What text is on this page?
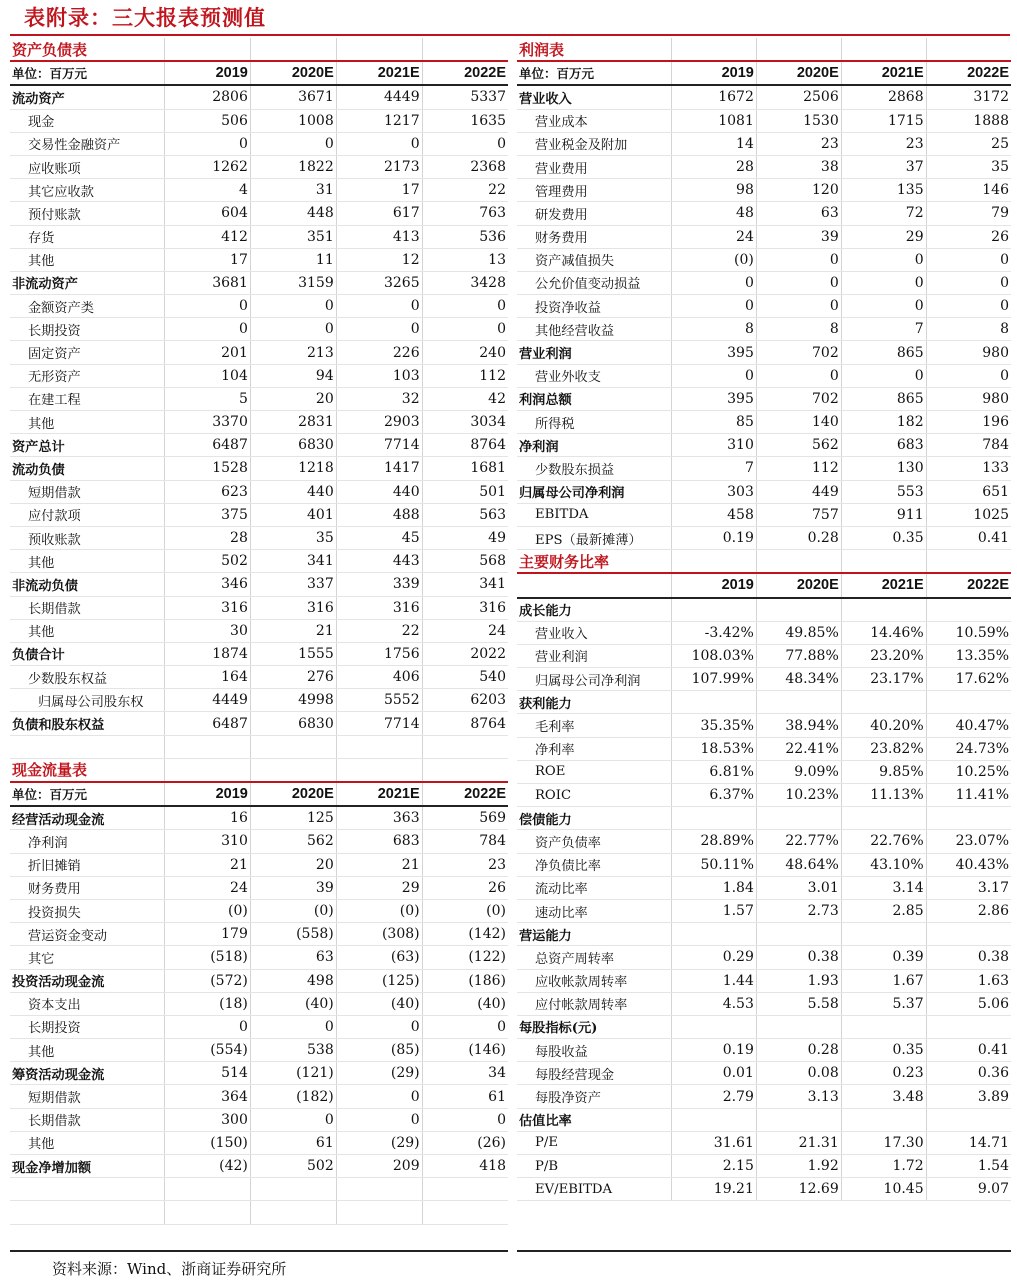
表附录：三大报表预测值
资产负债表				
单位：百万元	2019	2020E	2021E	2022E
流动资产	2806	3671	4449	5337
现金	506	1008	1217	1635
交易性金融资产	0	0	0	0
应收账项	1262	1822	2173	2368
其它应收款	4	31	17	22
预付账款	604	448	617	763
存货	412	351	413	536
其他	17	11	12	13
非流动资产	3681	3159	3265	3428
金额资产类	0	0	0	0
长期投资	0	0	0	0
固定资产	201	213	226	240
无形资产	104	94	103	112
在建工程	5	20	32	42
其他	3370	2831	2903	3034
资产总计	6487	6830	7714	8764
流动负债	1528	1218	1417	1681
短期借款	623	440	440	501
应付款项	375	401	488	563
预收账款	28	35	45	49
其他	502	341	443	568
非流动负债	346	337	339	341
长期借款	316	316	316	316
其他	30	21	22	24
负债合计	1874	1555	1756	2022
少数股东权益	164	276	406	540
归属母公司股东权	4449	4998	5552	6203
负债和股东权益	6487	6830	7714	8764

现金流量表				
单位：百万元	2019	2020E	2021E	2022E
经营活动现金流	16	125	363	569
净利润	310	562	683	784
折旧摊销	21	20	21	23
财务费用	24	39	29	26
投资损失	(0)	(0)	(0)	(0)
营运资金变动	179	(558)	(308)	(142)
其它	(518)	63	(63)	(122)
投资活动现金流	(572)	498	(125)	(186)
资本支出	(18)	(40)	(40)	(40)
长期投资	0	0	0	0
其他	(554)	538	(85)	(146)
筹资活动现金流	514	(121)	(29)	34
短期借款	364	(182)	0	61
长期借款	300	0	0	0
其他	(150)	61	(29)	(26)
现金净增加额	(42)	502	209	418

利润表				
单位：百万元	2019	2020E	2021E	2022E
营业收入	1672	2506	2868	3172
营业成本	1081	1530	1715	1888
营业税金及附加	14	23	23	25
营业费用	28	38	37	35
管理费用	98	120	135	146
研发费用	48	63	72	79
财务费用	24	39	29	26
资产减值损失	(0)	0	0	0
公允价值变动损益	0	0	0	0
投资净收益	0	0	0	0
其他经营收益	8	8	7	8
营业利润	395	702	865	980
营业外收支	0	0	0	0
利润总额	395	702	865	980
所得税	85	140	182	196
净利润	310	562	683	784
少数股东损益	7	112	130	133
归属母公司净利润	303	449	553	651
EBITDA	458	757	911	1025
EPS（最新摊薄）	0.19	0.28	0.35	0.41
主要财务比率				
	2019	2020E	2021E	2022E
成长能力				
营业收入	-3.42%	49.85%	14.46%	10.59%
营业利润	108.03%	77.88%	23.20%	13.35%
归属母公司净利润	107.99%	48.34%	23.17%	17.62%
获利能力				
毛利率	35.35%	38.94%	40.20%	40.47%
净利率	18.53%	22.41%	23.82%	24.73%
ROE	6.81%	9.09%	9.85%	10.25%
ROIC	6.37%	10.23%	11.13%	11.41%
偿债能力				
资产负债率	28.89%	22.77%	22.76%	23.07%
净负债比率	50.11%	48.64%	43.10%	40.43%
流动比率	1.84	3.01	3.14	3.17
速动比率	1.57	2.73	2.85	2.86
营运能力				
总资产周转率	0.29	0.38	0.39	0.38
应收帐款周转率	1.44	1.93	1.67	1.63
应付帐款周转率	4.53	5.58	5.37	5.06
每股指标(元)				
每股收益	0.19	0.28	0.35	0.41
每股经营现金	0.01	0.08	0.23	0.36
每股净资产	2.79	3.13	3.48	3.89
估值比率				
P/E	31.61	21.31	17.30	14.71
P/B	2.15	1.92	1.72	1.54
EV/EBITDA	19.21	12.69	10.45	9.07
资料来源：Wind、浙商证券研究所
